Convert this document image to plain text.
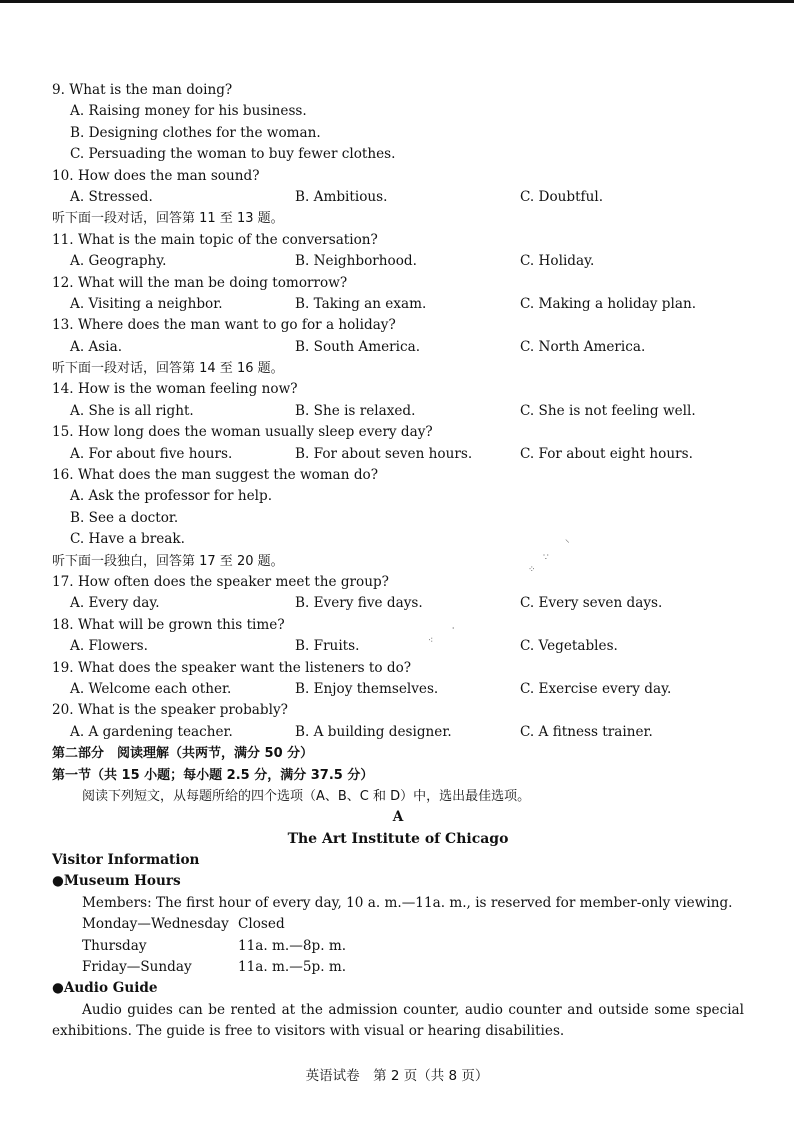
9. What is the man doing?
A. Raising money for his business.
B. Designing clothes for the woman.
C. Persuading the woman to buy fewer clothes.
10. How does the man sound?
A. Stressed.	B. Ambitious.	C. Doubtful.
听下面一段对话，回答第 11 至 13 题。
11. What is the main topic of the conversation?
A. Geography.	B. Neighborhood.	C. Holiday.
12. What will the man be doing tomorrow?
A. Visiting a neighbor.	B. Taking an exam.	C. Making a holiday plan.
13. Where does the man want to go for a holiday?
A. Asia.	B. South America.	C. North America.
听下面一段对话，回答第 14 至 16 题。
14. How is the woman feeling now?
A. She is all right.	B. She is relaxed.	C. She is not feeling well.
15. How long does the woman usually sleep every day?
A. For about five hours.	B. For about seven hours.	C. For about eight hours.
16. What does the man suggest the woman do?
A. Ask the professor for help.
B. See a doctor.
C. Have a break.
听下面一段独白，回答第 17 至 20 题。
17. How often does the speaker meet the group?
A. Every day.	B. Every five days.	C. Every seven days.
18. What will be grown this time?
A. Flowers.	B. Fruits.	C. Vegetables.
19. What does the speaker want the listeners to do?
A. Welcome each other.	B. Enjoy themselves.	C. Exercise every day.
20. What is the speaker probably?
A. A gardening teacher.	B. A building designer.	C. A fitness trainer.
第二部分　阅读理解（共两节，满分 50 分）
第一节（共 15 小题；每小题 2.5 分，满分 37.5 分）
阅读下列短文，从每题所给的四个选项（A、B、C 和 D）中，选出最佳选项。
A
The Art Institute of Chicago
Visitor Information
●Museum Hours
Members: The first hour of every day, 10 a. m.—11a. m., is reserved for member-only viewing.
Monday—Wednesday Closed
Thursday	11a. m.—8p. m.
Friday—Sunday	11a. m.—5p. m.
●Audio Guide

Audio guides can be rented at the admission counter, audio counter and outside some special exhibitions. The guide is free to visitors with visual or hearing disabilities.

⸜
∵
⁘
⸳
⁖
英语试卷　第 2 页（共 8 页）
